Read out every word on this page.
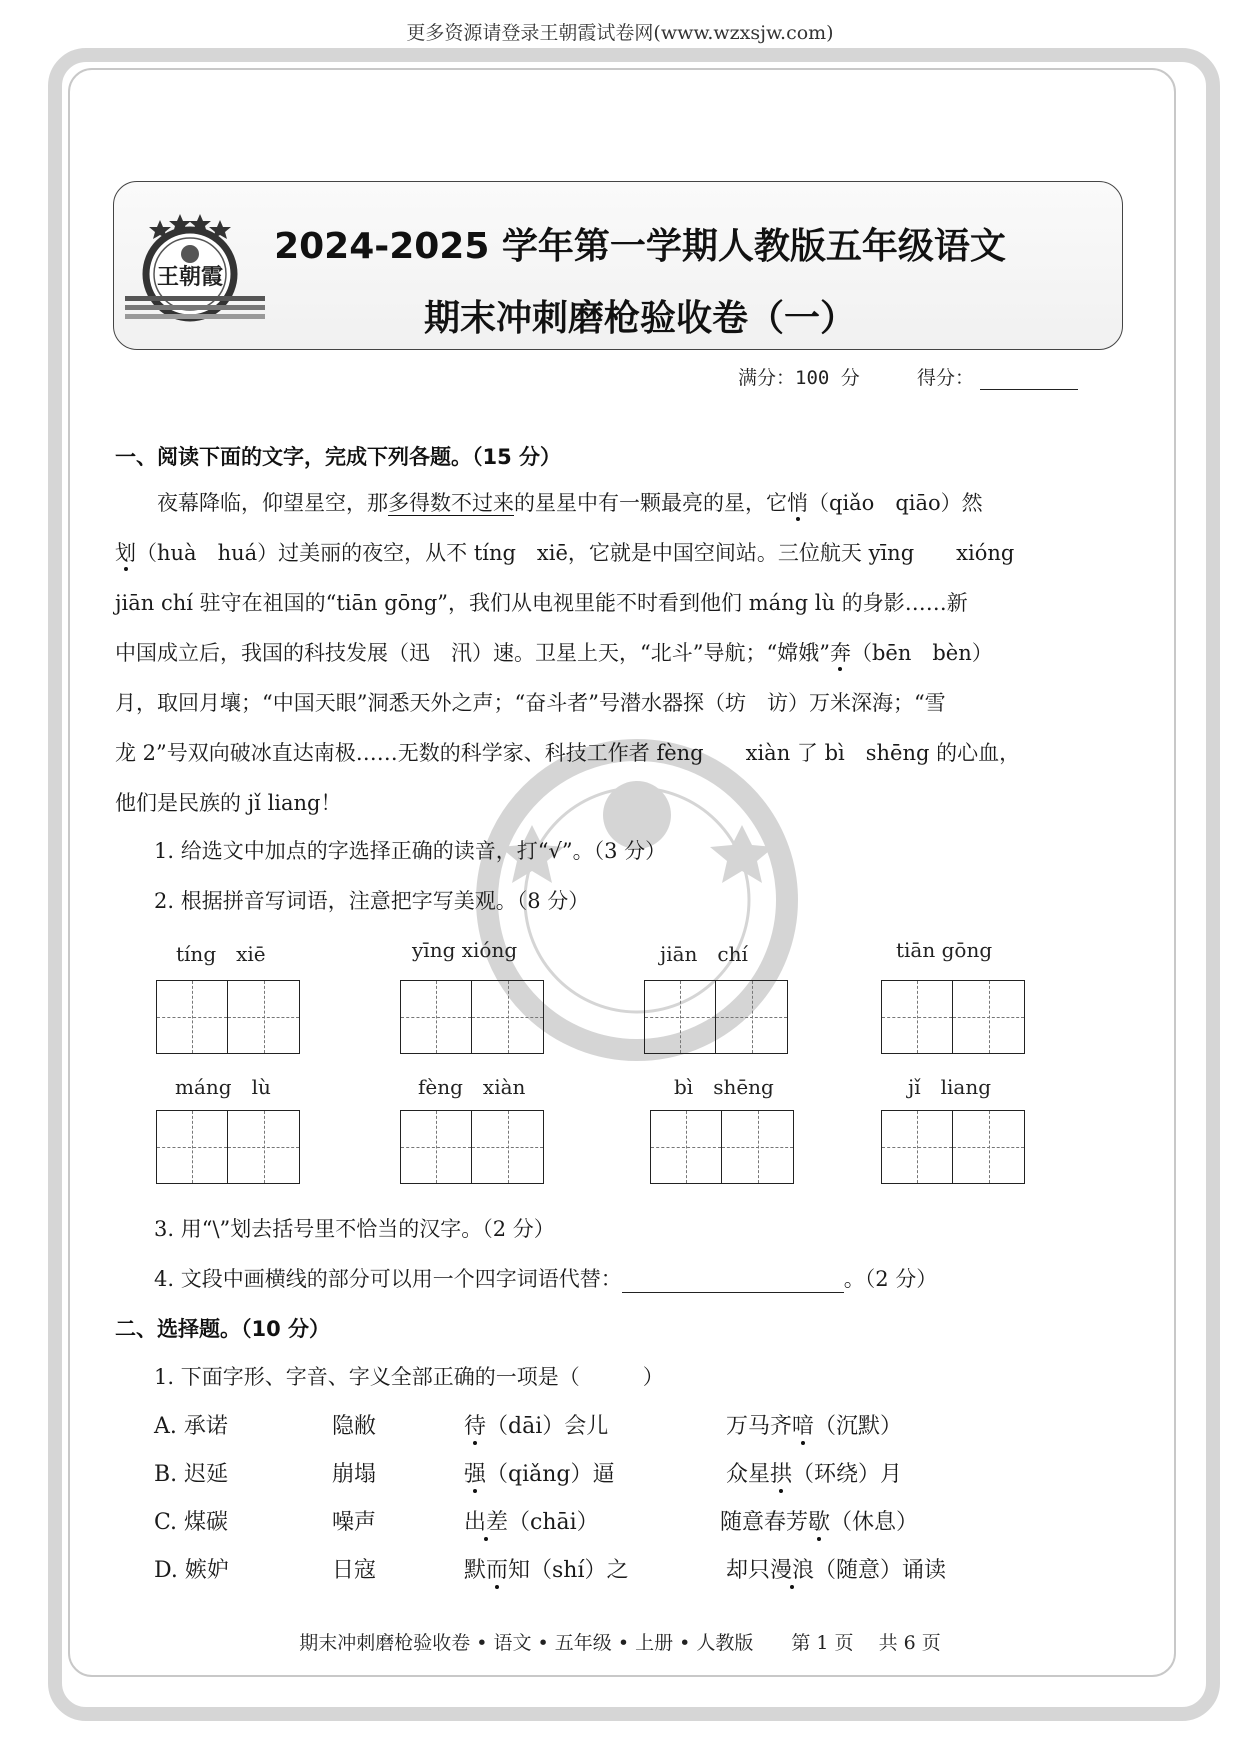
更多资源请登录王朝霞试卷网(www.wzxsjw.com)
王朝霞
2024-2025 学年第一学期人教版五年级语文
期末冲刺磨枪验收卷（一）
满分：100 分	得分：
一、阅读下面的文字，完成下列各题。（15 分）

夜幕降临，仰望星空，那多得数不过来的星星中有一颗最亮的星，它悄（qiǎo　qiāo）然

划（huà　huá）过美丽的夜空，从不 tíng　xiē，它就是中国空间站。三位航天 yīng　　xióng

jiān chí 驻守在祖国的“tiān gōng”，我们从电视里能不时看到他们 máng lù 的身影……新

中国成立后，我国的科技发展（迅　汛）速。卫星上天，“北斗”导航；“嫦娥”奔（bēn　bèn）

月，取回月壤；“中国天眼”洞悉天外之声；“奋斗者”号潜水器探（坊　访）万米深海；“雪

龙 2”号双向破冰直达南极……无数的科学家、科技工作者 fèng　　xiàn 了 bì　shēng 的心血，

他们是民族的 jǐ liang！

1. 给选文中加点的字选择正确的读音，打“√”。（3 分）
2. 根据拼音写词语，注意把字写美观。（8 分）
tíng　xiē	yīng xióng	jiān　chí	tiān gōng
máng　lù	fèng　xiàn	bì　shēng	jǐ　liang
3. 用“\”划去括号里不恰当的汉字。（2 分）
4. 文段中画横线的部分可以用一个四字词语代替：	。（2 分）
二、选择题。（10 分）
1. 下面字形、字音、字义全部正确的一项是（　　　）
A. 承诺	隐敝	待（dāi）会儿	万马齐喑（沉默）
B. 迟延	崩塌	强（qiǎng）逼	众星拱（环绕）月
C. 煤碳	噪声	出差（chāi）	随意春芳歇（休息）
D. 嫉妒	日寇	默而知（shí）之	却只漫浪（随意）诵读
期末冲刺磨枪验收卷 • 语文 • 五年级 • 上册 • 人教版　　第 1 页　 共 6 页
